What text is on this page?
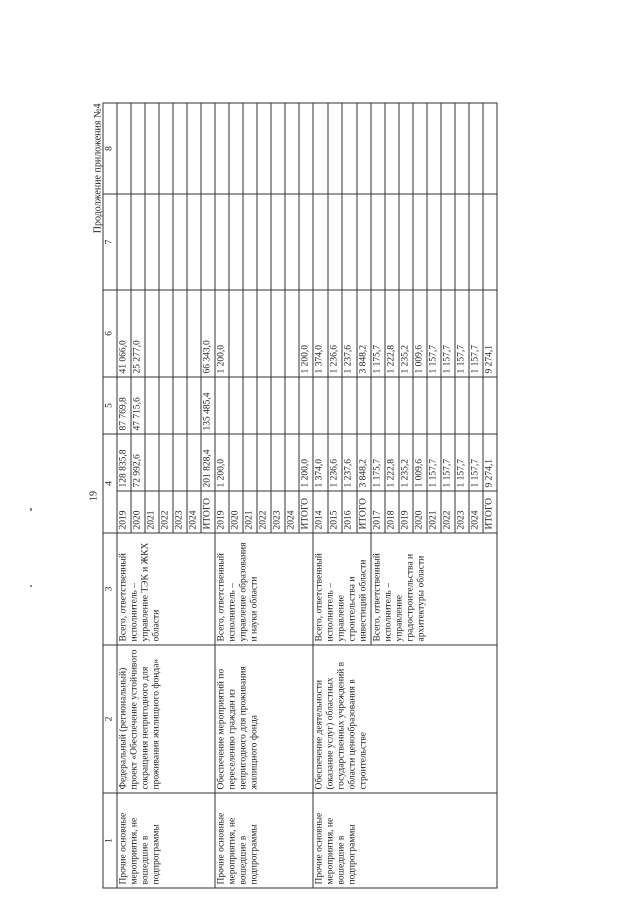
19
Продолжение приложения №4
1	2	3	4		5	6	7	8
Прочие основные мероприятия, не вошедшие в подпрограммы	Федеральный (региональный) проект «Обеспечение устойчивого сокращения непригодного для проживания жилищного фонда»	Всего, ответственный исполнитель – управление ТЭК и ЖКХ области	2019	128 835,8	87 769,8	41 066,0		
			2020	72 992,6	47 715,6	25 277,0		
			2021					
			2022					
			2023					
			2024					
			ИТОГО	201 828,4	135 485,4	66 343,0		
Прочие основные мероприятия, не вошедшие в подпрограммы	Обеспечение мероприятий по переселению граждан из непригодного для проживания жилищного фонда	Всего, ответственный исполнитель – управление образования и науки области	2019	1 200,0		1 200,0		
			2020					
			2021					
			2022					
			2023					
			2024					
			ИТОГО	1 200,0		1 200,0		
Прочие основные мероприятия, не вошедшие в подпрограммы	Обеспечение деятельности (оказание услуг) областных государственных учреждений в области ценообразования в строительстве	Всего, ответственный исполнитель – управление строительства и инвестиций области	2014	1 374,0		1 374,0		
			2015	1 236,6		1 236,6		
			2016	1 237,6		1 237,6		
			ИТОГО	3 848,2		3 848,2		
		Всего, ответственный исполнитель – управление градостроительства и архитектуры области	2017	1 175,7		1 175,7		
			2018	1 222,8		1 222,8		
			2019	1 235,2		1 235,2		
			2020	1 009,6		1 009,6		
			2021	1 157,7		1 157,7		
			2022	1 157,7		1 157,7		
			2023	1 157,7		1 157,7		
			2024	1 157,7		1 157,7		
			ИТОГО	9 274,1		9 274,1		
